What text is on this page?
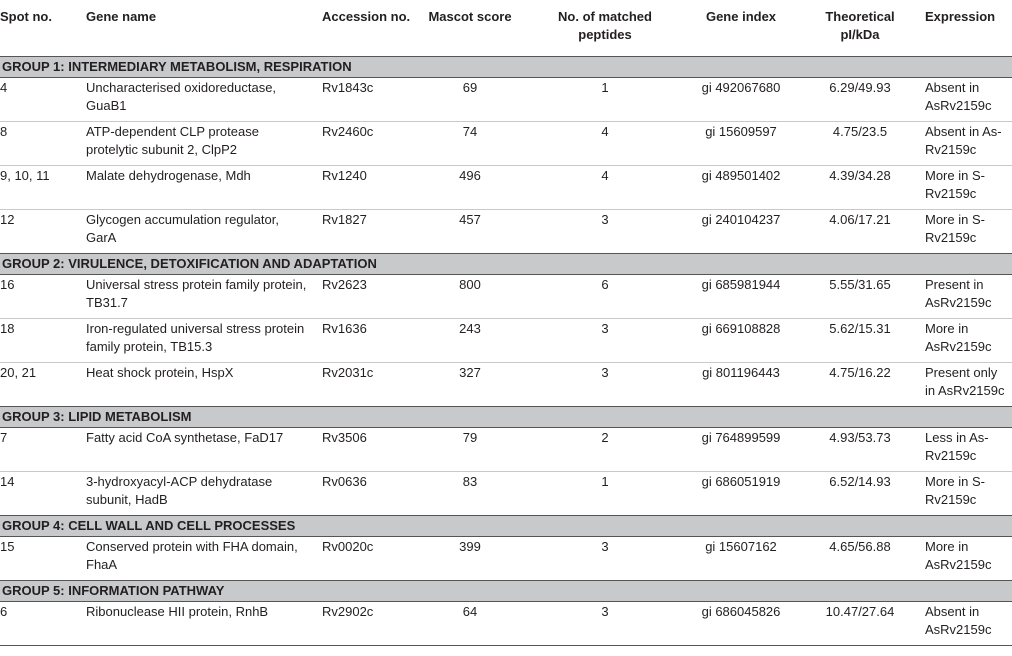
Spot no.	Gene name	Accession no.	Mascot score	No. of matched peptides	Gene index	Theoretical pI/kDa	Expression
GROUP 1: INTERMEDIARY METABOLISM, RESPIRATION							
4	Uncharacterised oxidoreductase, GuaB1	Rv1843c	69	1	gi 492067680	6.29/49.93	Absent in AsRv2159c
8	ATP-dependent CLP protease protelytic subunit 2, ClpP2	Rv2460c	74	4	gi 15609597	4.75/23.5	Absent in As-Rv2159c
9, 10, 11	Malate dehydrogenase, Mdh	Rv1240	496	4	gi 489501402	4.39/34.28	More in S-Rv2159c
12	Glycogen accumulation regulator, GarA	Rv1827	457	3	gi 240104237	4.06/17.21	More in S-Rv2159c
GROUP 2: VIRULENCE, DETOXIFICATION AND ADAPTATION							
16	Universal stress protein family protein, TB31.7	Rv2623	800	6	gi 685981944	5.55/31.65	Present in AsRv2159c
18	Iron-regulated universal stress protein family protein, TB15.3	Rv1636	243	3	gi 669108828	5.62/15.31	More in AsRv2159c
20, 21	Heat shock protein, HspX	Rv2031c	327	3	gi 801196443	4.75/16.22	Present only in AsRv2159c
GROUP 3: LIPID METABOLISM							
7	Fatty acid CoA synthetase, FaD17	Rv3506	79	2	gi 764899599	4.93/53.73	Less in As-Rv2159c
14	3-hydroxyacyl-ACP dehydratase subunit, HadB	Rv0636	83	1	gi 686051919	6.52/14.93	More in S-Rv2159c
GROUP 4: CELL WALL AND CELL PROCESSES							
15	Conserved protein with FHA domain, FhaA	Rv0020c	399	3	gi 15607162	4.65/56.88	More in AsRv2159c
GROUP 5: INFORMATION PATHWAY							
6	Ribonuclease HII protein, RnhB	Rv2902c	64	3	gi 686045826	10.47/27.64	Absent in AsRv2159c
